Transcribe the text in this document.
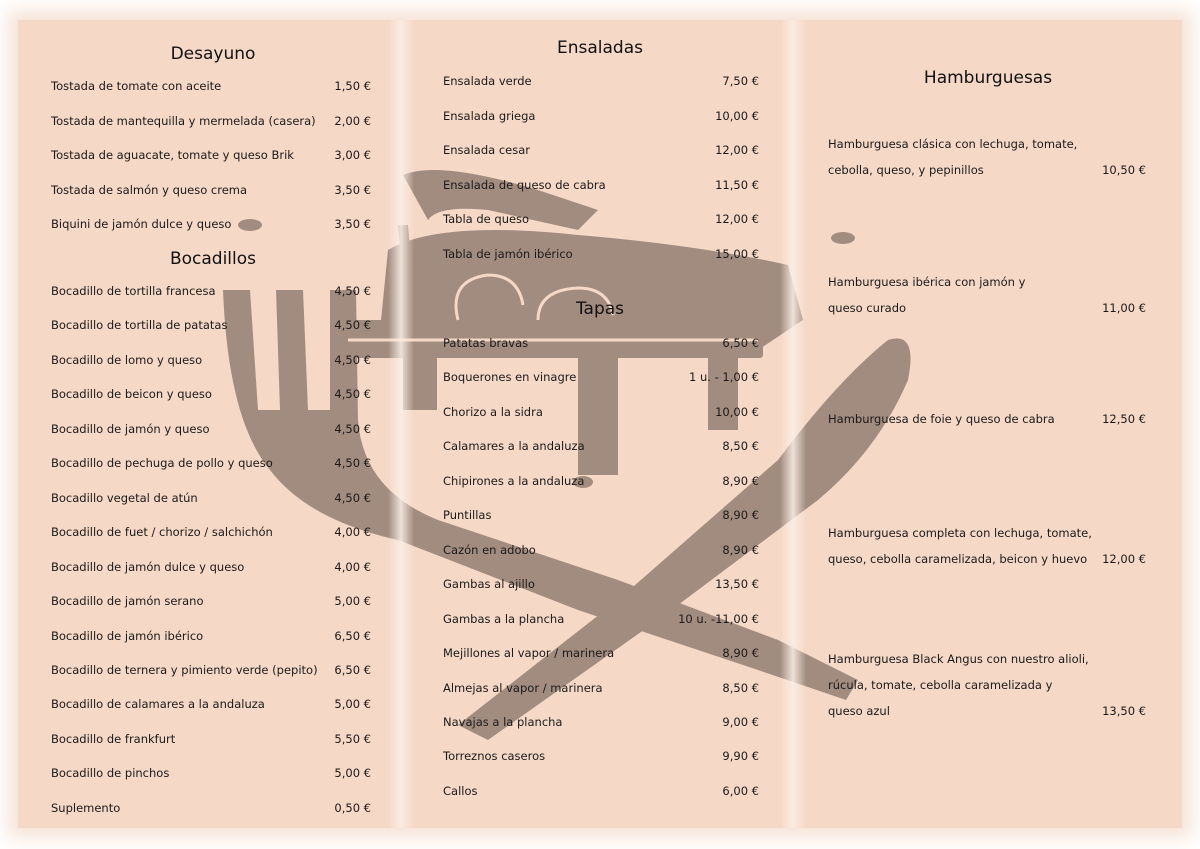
Desayuno
Tostada de tomate con aceite	1,50 €
Tostada de mantequilla y mermelada (casera) 2,00 €
Tostada de aguacate, tomate y queso Brik	3,00 €
Tostada de salmón y queso crema	3,50 €
Biquini de jamón dulce y queso	3,50 €
Bocadillos
Bocadillo de tortilla francesa	4,50 €
Bocadillo de tortilla de patatas	4,50 €
Bocadillo de lomo y queso	4,50 €
Bocadillo de beicon y queso	4,50 €
Bocadillo de jamón y queso	4,50 €
Bocadillo de pechuga de pollo y queso	4,50 €
Bocadillo vegetal de atún	4,50 €
Bocadillo de fuet / chorizo / salchichón	4,00 €
Bocadillo de jamón dulce y queso	4,00 €
Bocadillo de jamón serano	5,00 €
Bocadillo de jamón ibérico	6,50 €
Bocadillo de ternera y pimiento verde (pepito) 6,50 €
Bocadillo de calamares a la andaluza	5,00 €
Bocadillo de frankfurt	5,50 €
Bocadillo de pinchos	5,00 €
Suplemento	0,50 €
Ensaladas
Ensalada verde	7,50 €
Ensalada griega	10,00 €
Ensalada cesar	12,00 €
Ensalada de queso de cabra	11,50 €
Tabla de queso	12,00 €
Tabla de jamón ibérico	15,00 €
Tapas
Patatas bravas	6,50 €
Boquerones en vinagre	1 u. - 1,00 €
Chorizo a la sidra	10,00 €
Calamares a la andaluza	8,50 €
Chipirones a la andaluza	8,90 €
Puntillas	8,90 €
Cazón en adobo	8,90 €
Gambas al ajillo	13,50 €
Gambas a la plancha	10 u. -11,00 €
Mejillones al vapor / marinera	8,90 €
Almejas al vapor / marinera	8,50 €
Navajas a la plancha	9,00 €
Torreznos caseros	9,90 €
Callos	6,00 €
Hamburguesas
Hamburguesa clásica con lechuga, tomate,
cebolla, queso, y pepinillos	10,50 €
Hamburguesa ibérica con jamón y
queso curado	11,00 €
Hamburguesa de foie y queso de cabra	12,50 €
Hamburguesa completa con lechuga, tomate,
queso, cebolla caramelizada, beicon y huevo	12,00 €
Hamburguesa Black Angus con nuestro alioli,
rúcula, tomate, cebolla caramelizada y
queso azul	13,50 €
